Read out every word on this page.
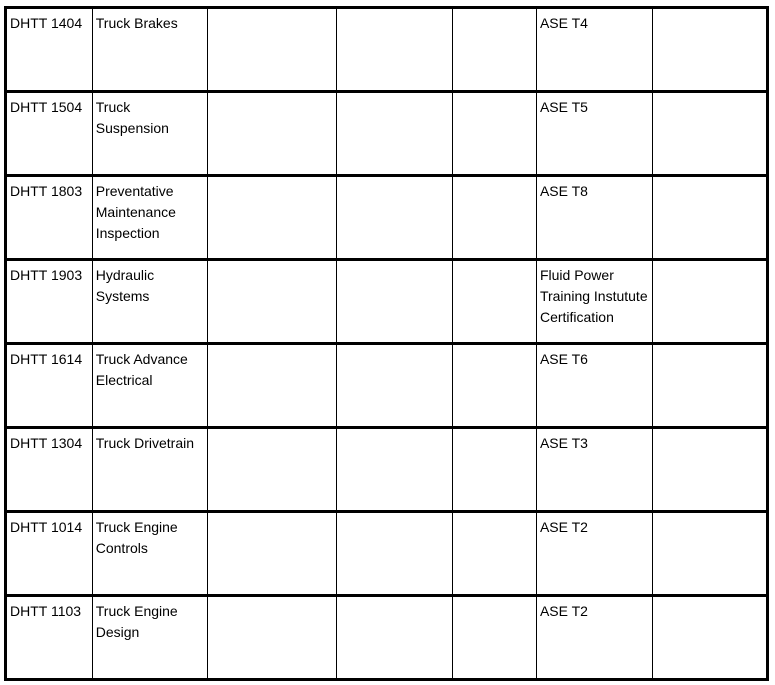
DHTT 1404	Truck Brakes				ASE T4	
DHTT 1504	Truck Suspension				ASE T5	
DHTT 1803	Preventative Maintenance Inspection				ASE T8	
DHTT 1903	Hydraulic Systems				Fluid Power Training Instutute Certification	
DHTT 1614	Truck Advance Electrical				ASE T6	
DHTT 1304	Truck Drivetrain				ASE T3	
DHTT 1014	Truck Engine Controls				ASE T2	
DHTT 1103	Truck Engine Design				ASE T2	
